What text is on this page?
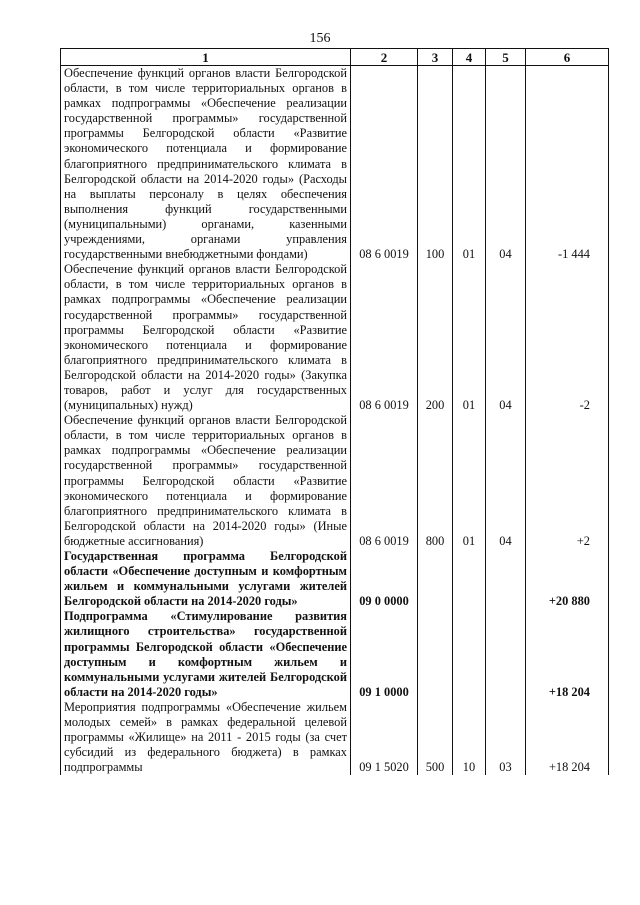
156
1	2	3	4	5	6
Обеспечение функций органов власти Белгородской области, в том числе территориальных органов в рамках подпрограммы «Обеспечение реализации государственной программы» государственной программы Белгородской области «Развитие экономического потенциала и формирование благоприятного предпринимательского климата в Белгородской области на 2014-2020 годы» (Расходы на выплаты персоналу в целях обеспечения выполнения функций государственными (муниципальными) органами, казенными учреждениями, органами управления государственными внебюджетными фондами)	08 6 0019	100	01	04	-1 444
Обеспечение функций органов власти Белгородской области, в том числе территориальных органов в рамках подпрограммы «Обеспечение реализации государственной программы» государственной программы Белгородской области «Развитие экономического потенциала и формирование благоприятного предпринимательского климата в Белгородской области на 2014-2020 годы» (Закупка товаров, работ и услуг для государственных (муниципальных) нужд)	08 6 0019	200	01	04	-2
Обеспечение функций органов власти Белгородской области, в том числе территориальных органов в рамках подпрограммы «Обеспечение реализации государственной программы» государственной программы Белгородской области «Развитие экономического потенциала и формирование благоприятного предпринимательского климата в Белгородской области на 2014-2020 годы» (Иные бюджетные ассигнования)	08 6 0019	800	01	04	+2
Государственная программа Белгородской области «Обеспечение доступным и комфортным жильем и коммунальными услугами жителей Белгородской области на 2014-2020 годы»	09 0 0000				+20 880
Подпрограмма «Стимулирование развития жилищного строительства» государственной программы Белгородской области «Обеспечение доступным и комфортным жильем и коммунальными услугами жителей Белгородской области на 2014-2020 годы»	09 1 0000				+18 204
Мероприятия подпрограммы «Обеспечение жильем молодых семей» в рамках федеральной целевой программы «Жилище» на 2011 - 2015 годы (за счет субсидий из федерального бюджета) в рамках подпрограммы	09 1 5020	500	10	03	+18 204
